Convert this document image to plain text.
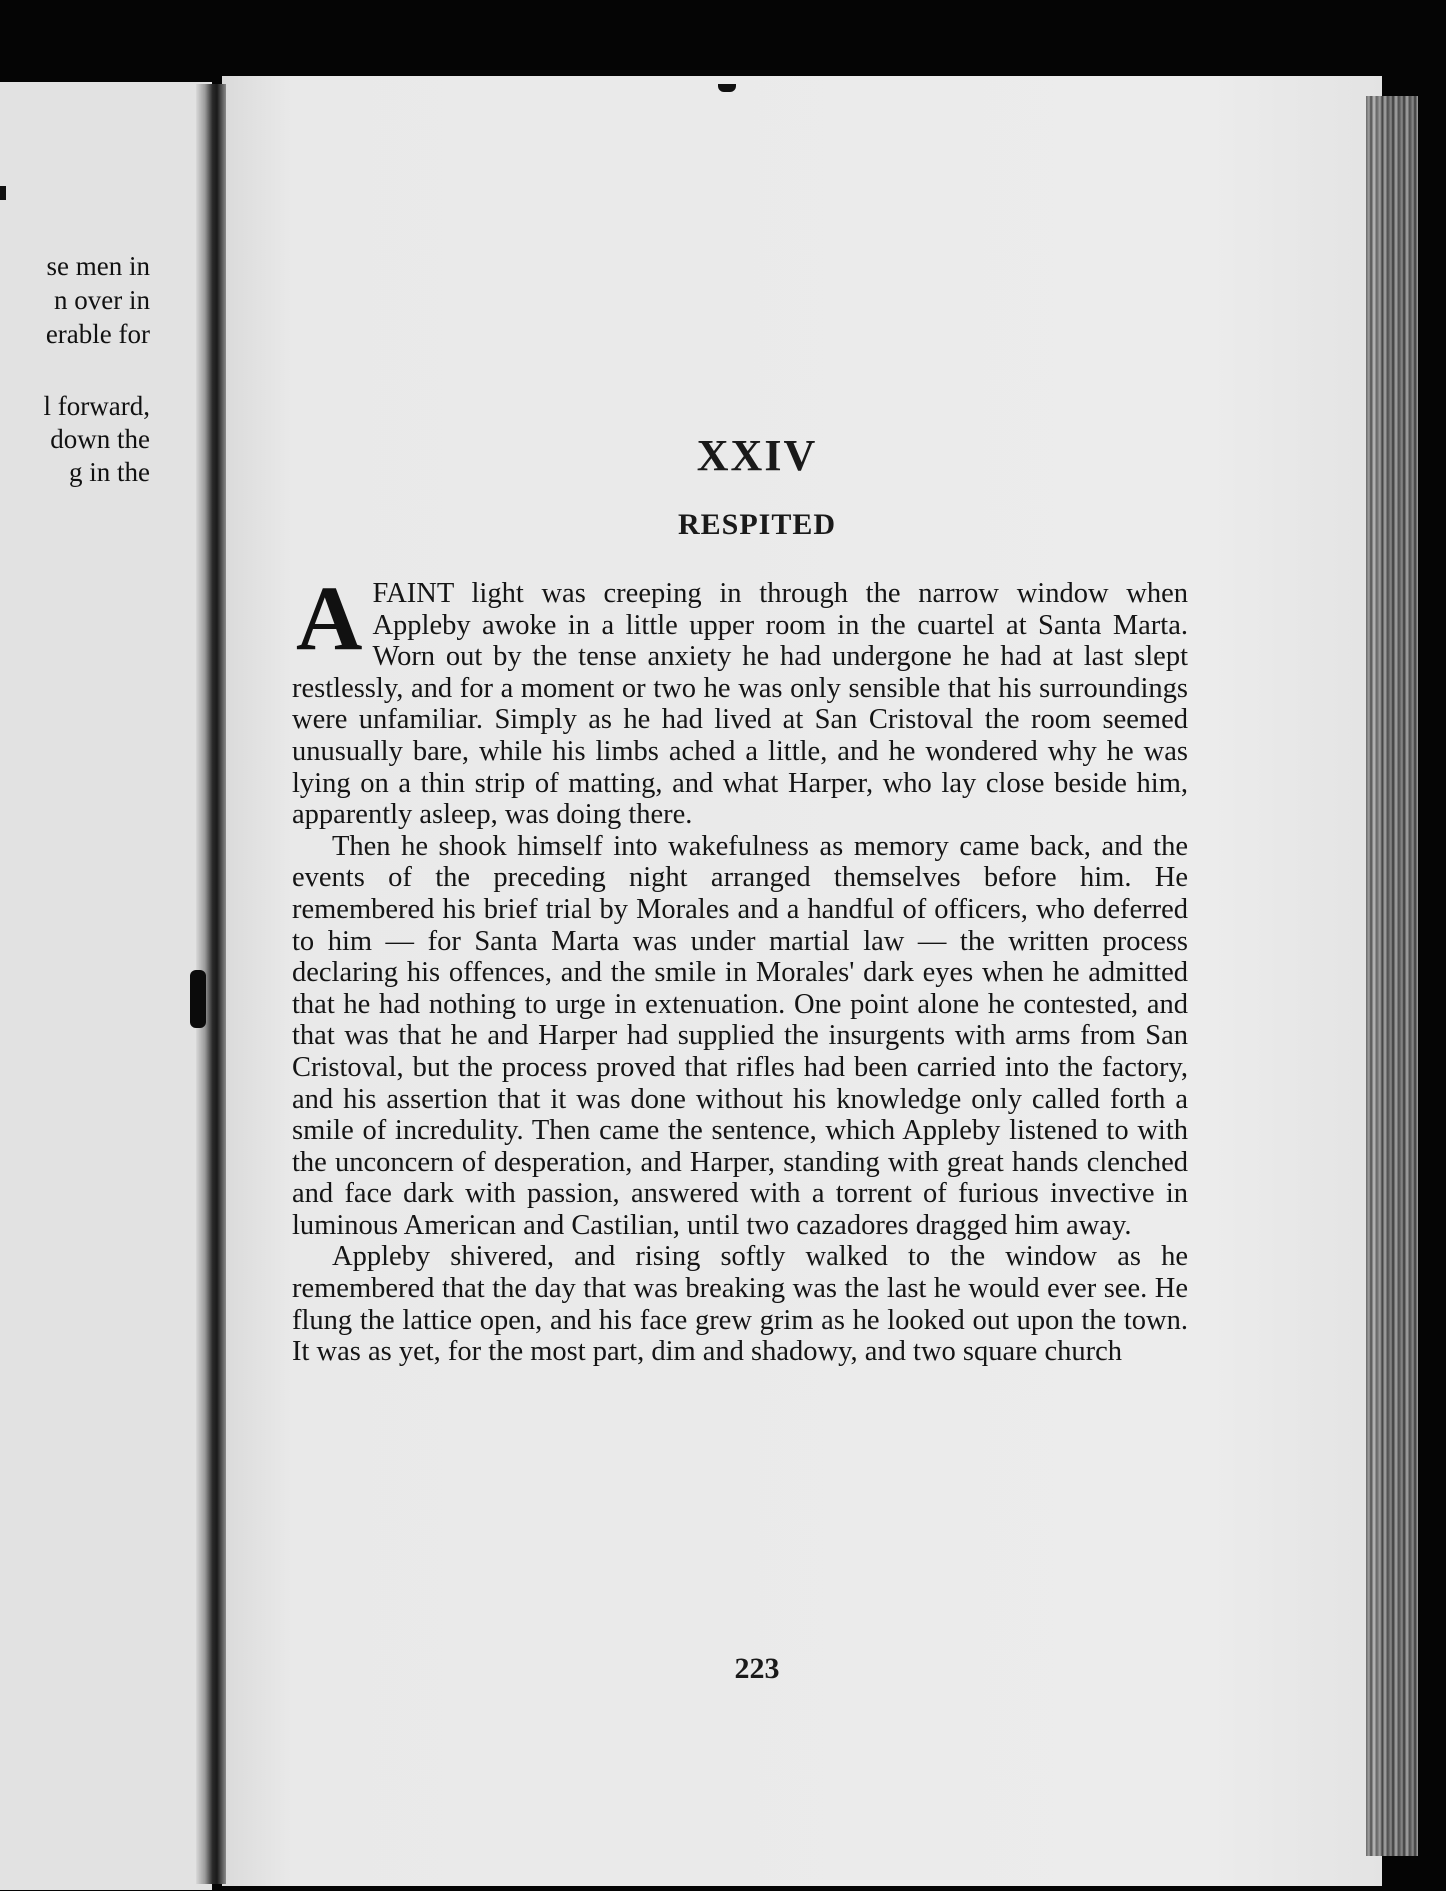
se men in
n over in
erable for
l forward,
down the
g in the	XXIV
RESPITED

AFAINT light was creeping in through the narrow window when Appleby awoke in a little upper room in the cuartel at Santa Marta. Worn out by the tense anxiety he had undergone he had at last slept restlessly, and for a moment or two he was only sensible that his surroundings were unfamiliar. Simply as he had lived at San Cristoval the room seemed unusually bare, while his limbs ached a little, and he wondered why he was lying on a thin strip of matting, and what Harper, who lay close beside him, apparently asleep, was doing there.

Then he shook himself into wakefulness as memory came back, and the events of the preceding night arranged themselves before him. He remembered his brief trial by Morales and a handful of officers, who deferred to him — for Santa Marta was under martial law — the written process declaring his offences, and the smile in Morales' dark eyes when he admitted that he had nothing to urge in extenuation. One point alone he contested, and that was that he and Harper had supplied the insurgents with arms from San Cristoval, but the process proved that rifles had been carried into the factory, and his assertion that it was done without his knowledge only called forth a smile of incredulity. Then came the sentence, which Appleby listened to with the unconcern of desperation, and Harper, standing with great hands clenched and face dark with passion, answered with a torrent of furious invective in luminous American and Castilian, until two cazadores dragged him away.

Appleby shivered, and rising softly walked to the window as he remembered that the day that was breaking was the last he would ever see. He flung the lattice open, and his face grew grim as he looked out upon the town. It was as yet, for the most part, dim and shadowy, and two square church

223
